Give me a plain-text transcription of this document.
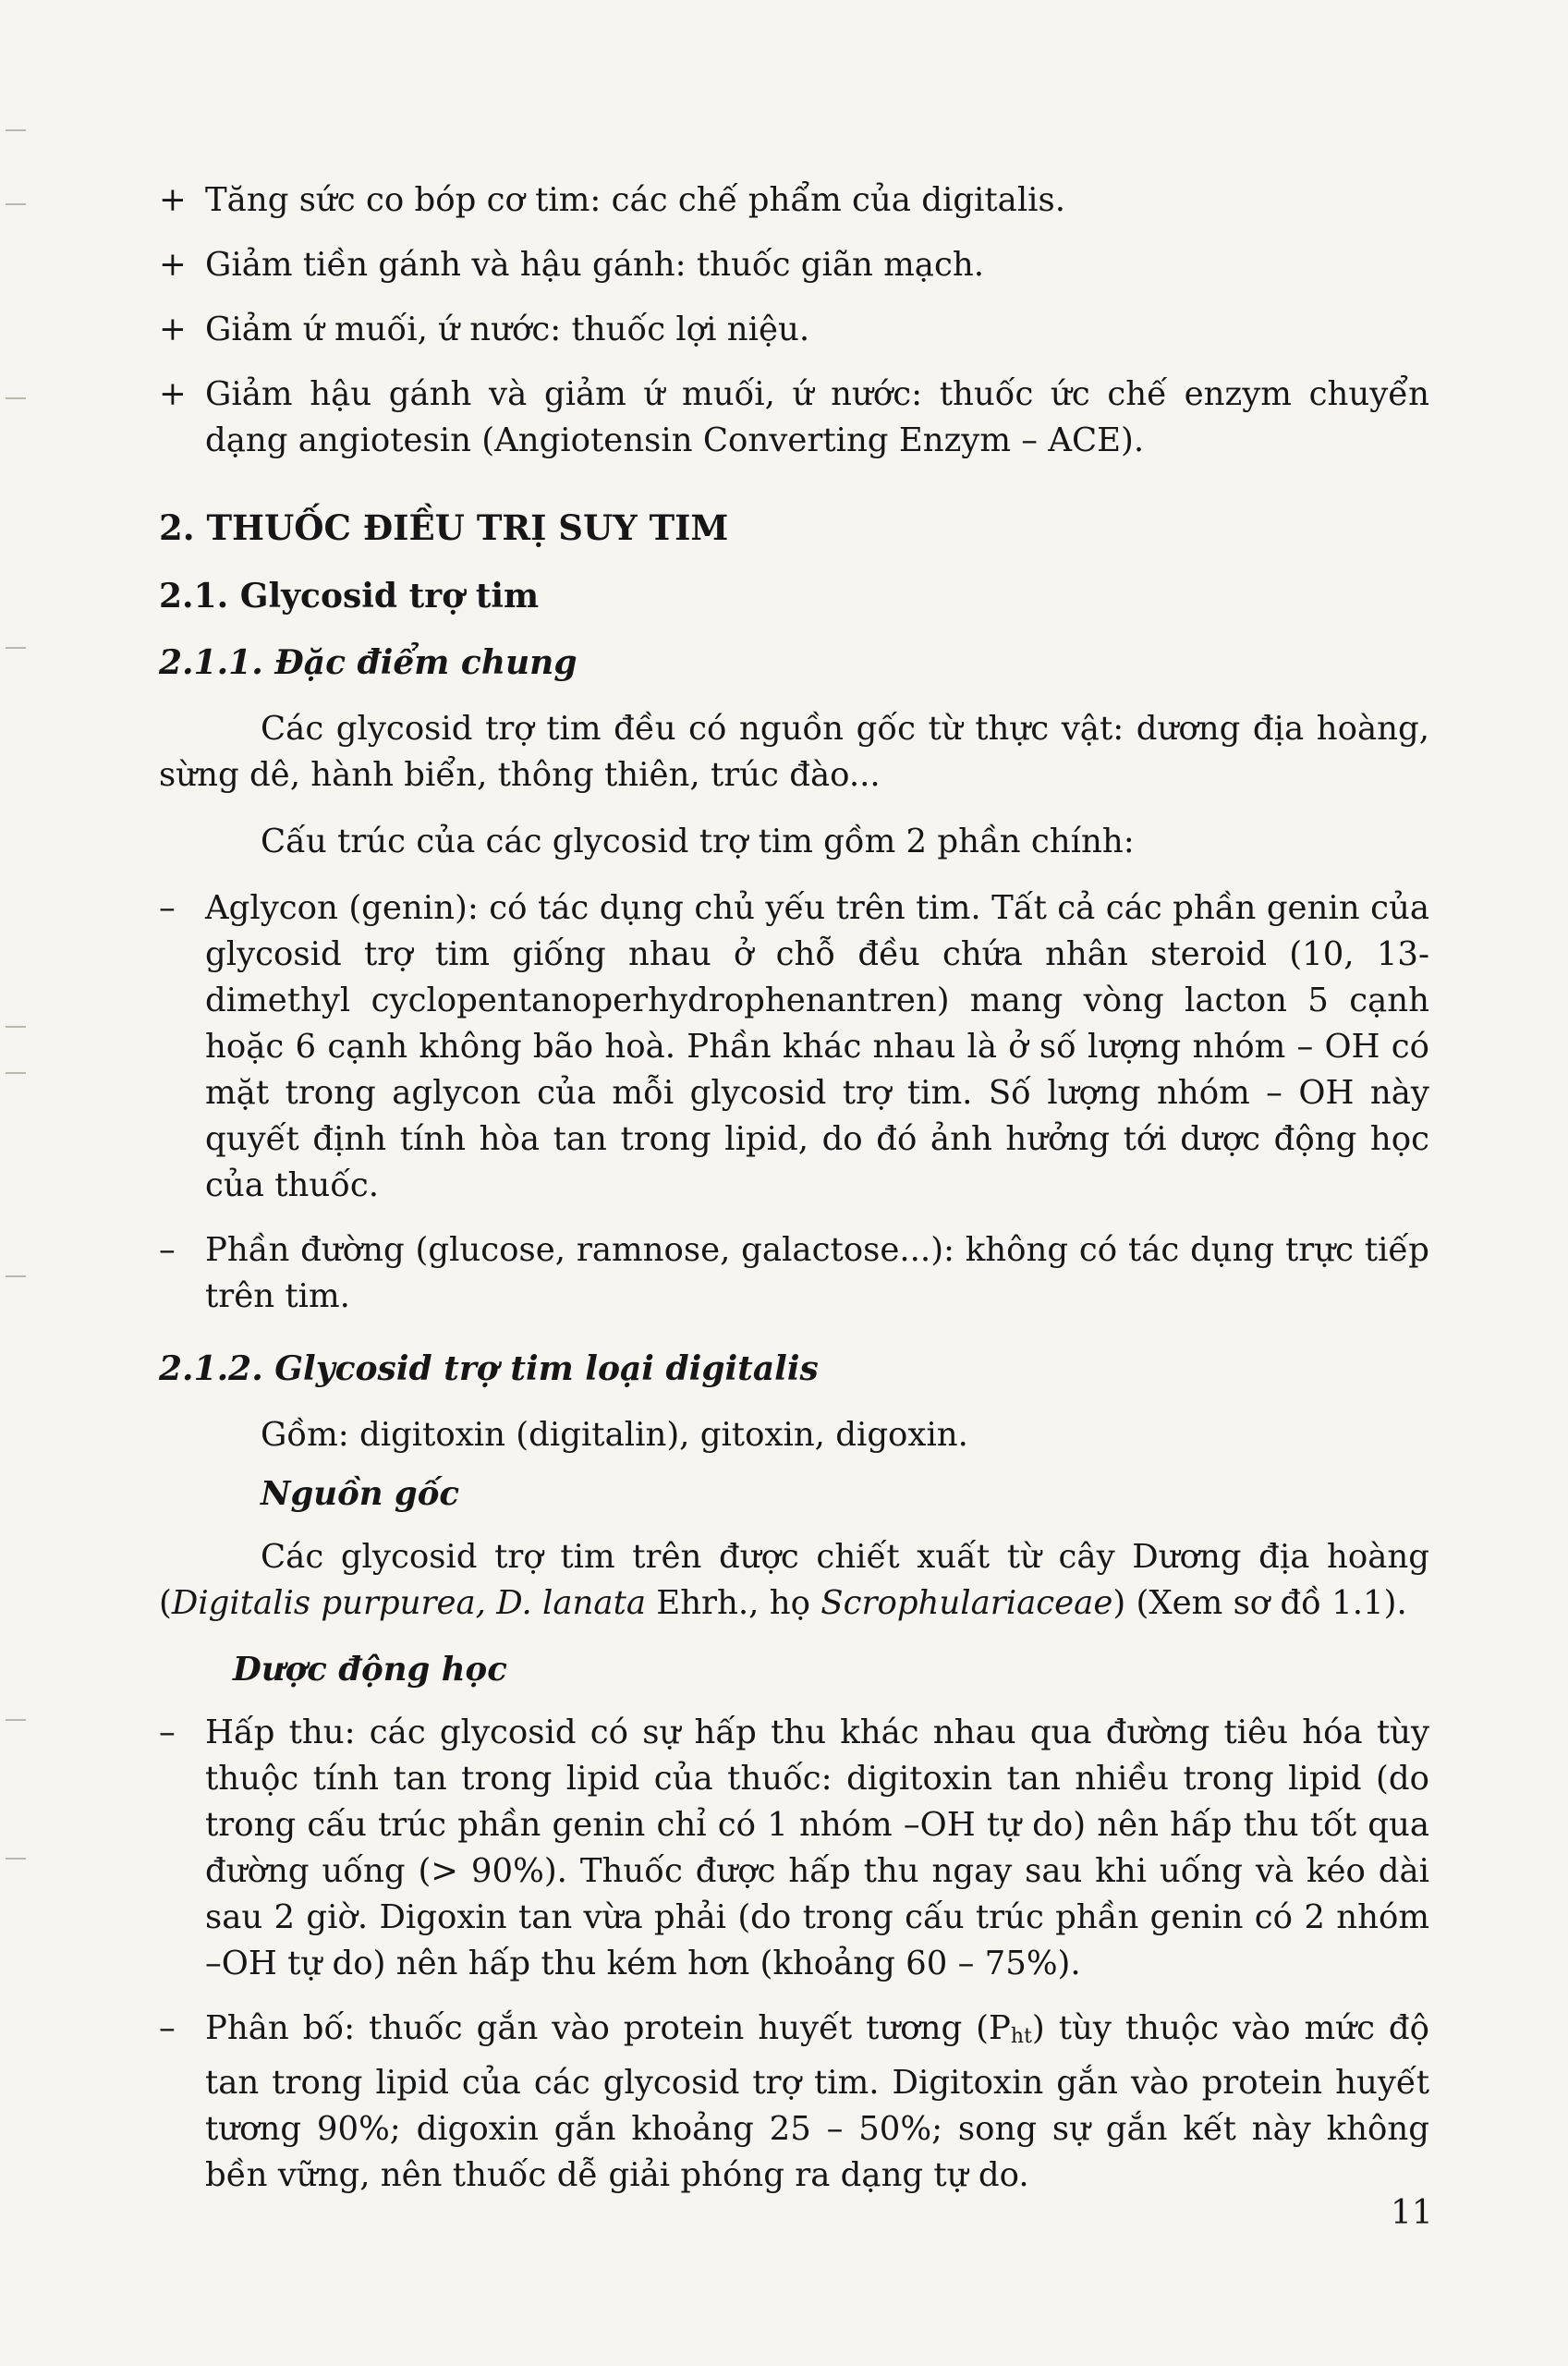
+ Tăng sức co bóp cơ tim: các chế phẩm của digitalis.
+ Giảm tiền gánh và hậu gánh: thuốc giãn mạch.
+ Giảm ứ muối, ứ nước: thuốc lợi niệu.
+ Giảm hậu gánh và giảm ứ muối, ứ nước: thuốc ức chế enzym chuyển dạng angiotesin (Angiotensin Converting Enzym – ACE).
2. THUỐC ĐIỀU TRỊ SUY TIM
2.1. Glycosid trợ tim
2.1.1. Đặc điểm chung

Các glycosid trợ tim đều có nguồn gốc từ thực vật: dương địa hoàng, sừng dê, hành biển, thông thiên, trúc đào...

Cấu trúc của các glycosid trợ tim gồm 2 phần chính:

– Aglycon (genin): có tác dụng chủ yếu trên tim. Tất cả các phần genin của glycosid trợ tim giống nhau ở chỗ đều chứa nhân steroid (10, 13- dimethyl cyclopentanoperhydrophenantren) mang vòng lacton 5 cạnh hoặc 6 cạnh không bão hoà. Phần khác nhau là ở số lượng nhóm – OH có mặt trong aglycon của mỗi glycosid trợ tim. Số lượng nhóm – OH này quyết định tính hòa tan trong lipid, do đó ảnh hưởng tới dược động học của thuốc.
– Phần đường (glucose, ramnose, galactose...): không có tác dụng trực tiếp trên tim.
2.1.2. Glycosid trợ tim loại digitalis

Gồm: digitoxin (digitalin), gitoxin, digoxin.

Nguồn gốc

Các glycosid trợ tim trên được chiết xuất từ cây Dương địa hoàng (Digitalis purpurea, D. lanata Ehrh., họ Scrophulariaceae) (Xem sơ đồ 1.1).

Dược động học
– Hấp thu: các glycosid có sự hấp thu khác nhau qua đường tiêu hóa tùy thuộc tính tan trong lipid của thuốc: digitoxin tan nhiều trong lipid (do trong cấu trúc phần genin chỉ có 1 nhóm –OH tự do) nên hấp thu tốt qua đường uống (> 90%). Thuốc được hấp thu ngay sau khi uống và kéo dài sau 2 giờ. Digoxin tan vừa phải (do trong cấu trúc phần genin có 2 nhóm –OH tự do) nên hấp thu kém hơn (khoảng 60 – 75%).
– Phân bố: thuốc gắn vào protein huyết tương (Pht) tùy thuộc vào mức độ tan trong lipid của các glycosid trợ tim. Digitoxin gắn vào protein huyết tương 90%; digoxin gắn khoảng 25 – 50%; song sự gắn kết này không bền vững, nên thuốc dễ giải phóng ra dạng tự do.
11
